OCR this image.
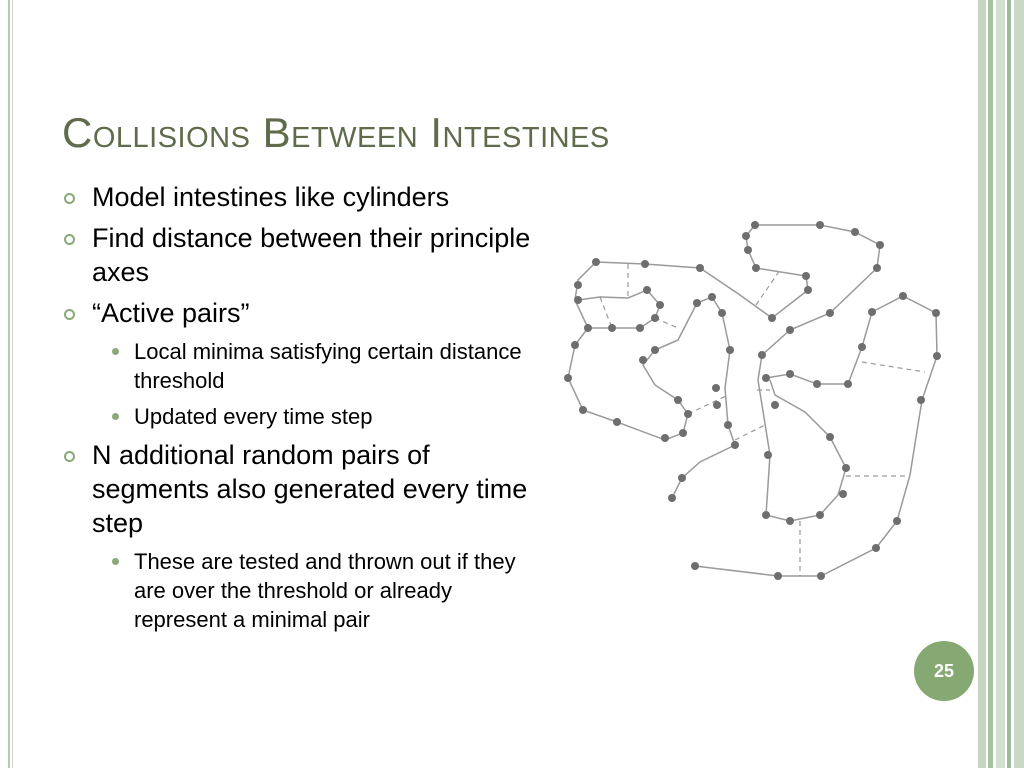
Collisions Between Intestines
Model intestines like cylinders
Find distance between their principle axes
“Active pairs”
Local minima satisfying certain distance threshold
Updated every time step
N additional random pairs of segments also generated every time step
These are tested and thrown out if they are over the threshold or already represent a minimal pair
25
